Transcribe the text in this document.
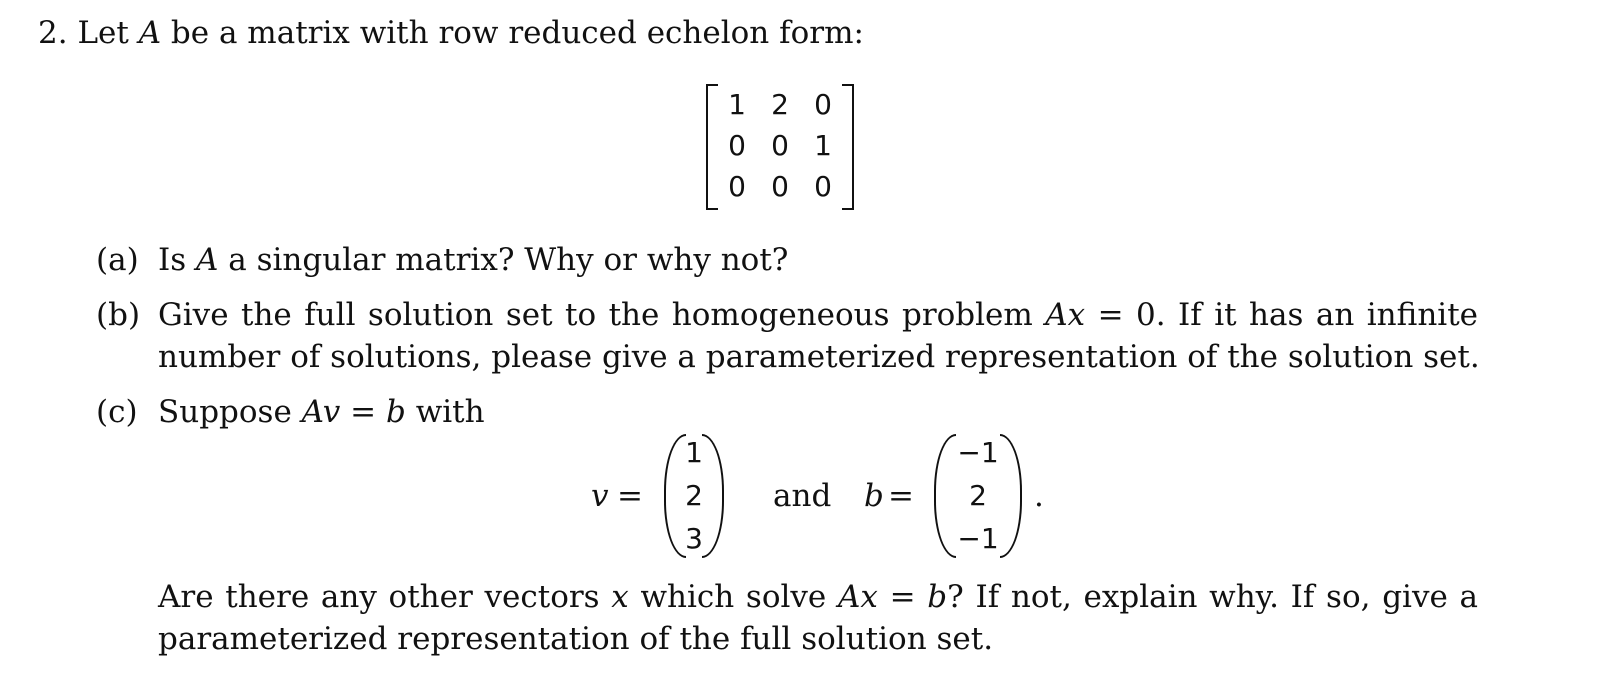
2. Let A be a matrix with row reduced echelon form:
1 2 0
0 0 1
0 0 0
(a) Is A a singular matrix? Why or why not?
(b) Give the full solution set to the homogeneous problem Ax = 0. If it has an infinite
number of solutions, please give a parameterized representation of the solution set.
(c) Suppose Av = b with
v =
1
2
3
and b =
−1
2
−1
.
Are there any other vectors x which solve Ax = b? If not, explain why. If so, give a
parameterized representation of the full solution set.
